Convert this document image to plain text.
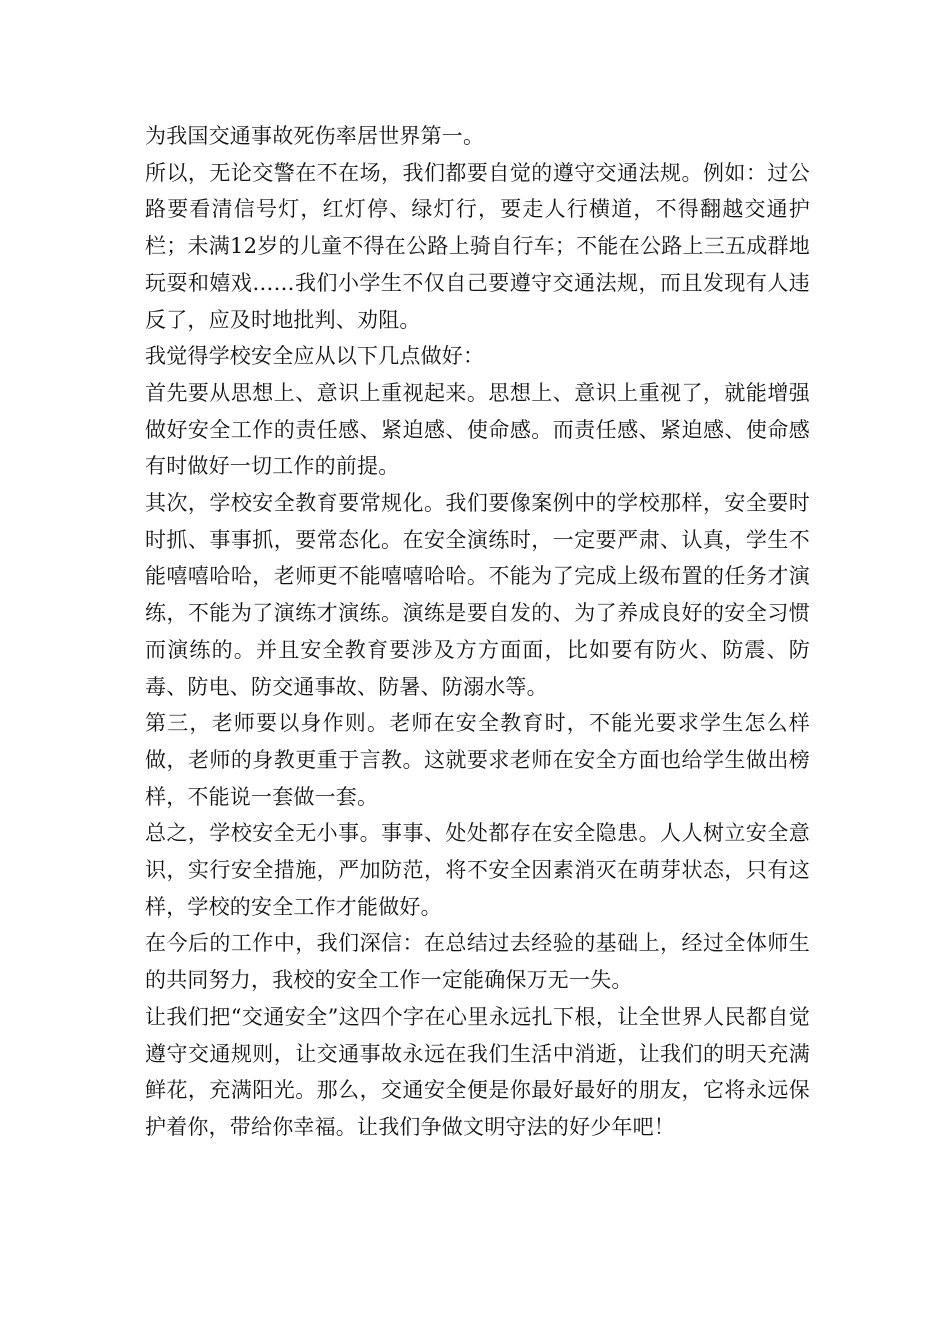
为我国交通事故死伤率居世界第一。

所以，无论交警在不在场，我们都要自觉的遵守交通法规。例如：过公路要看清信号灯，红灯停、绿灯行，要走人行横道，不得翻越交通护栏；未满12岁的儿童不得在公路上骑自行车；不能在公路上三五成群地玩耍和嬉戏……我们小学生不仅自己要遵守交通法规，而且发现有人违反了，应及时地批判、劝阻。

我觉得学校安全应从以下几点做好：

首先要从思想上、意识上重视起来。思想上、意识上重视了，就能增强做好安全工作的责任感、紧迫感、使命感。而责任感、紧迫感、使命感有时做好一切工作的前提。

其次，学校安全教育要常规化。我们要像案例中的学校那样，安全要时时抓、事事抓，要常态化。在安全演练时，一定要严肃、认真，学生不能嘻嘻哈哈，老师更不能嘻嘻哈哈。不能为了完成上级布置的任务才演练，不能为了演练才演练。演练是要自发的、为了养成良好的安全习惯而演练的。并且安全教育要涉及方方面面，比如要有防火、防震、防毒、防电、防交通事故、防暑、防溺水等。

第三，老师要以身作则。老师在安全教育时，不能光要求学生怎么样做，老师的身教更重于言教。这就要求老师在安全方面也给学生做出榜样，不能说一套做一套。

总之，学校安全无小事。事事、处处都存在安全隐患。人人树立安全意识，实行安全措施，严加防范，将不安全因素消灭在萌芽状态，只有这样，学校的安全工作才能做好。

在今后的工作中，我们深信：在总结过去经验的基础上，经过全体师生的共同努力，我校的安全工作一定能确保万无一失。

让我们把“交通安全”这四个字在心里永远扎下根，让全世界人民都自觉遵守交通规则，让交通事故永远在我们生活中消逝，让我们的明天充满鲜花，充满阳光。那么，交通安全便是你最好最好的朋友，它将永远保护着你，带给你幸福。让我们争做文明守法的好少年吧！
